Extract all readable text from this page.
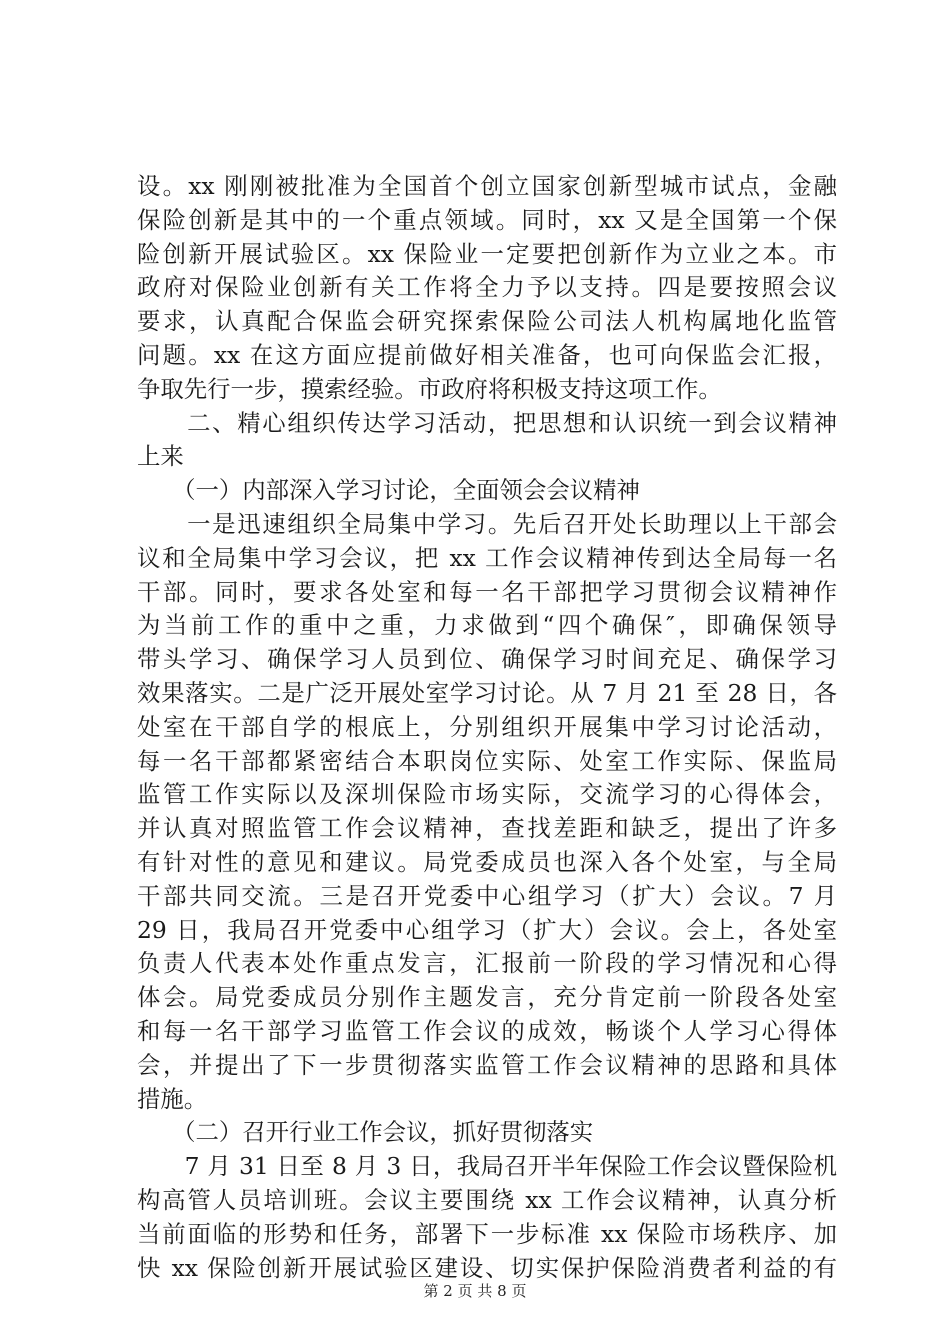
设。xx 刚刚被批准为全国首个创立国家创新型城市试点，金融
保险创新是其中的一个重点领域。同时，xx 又是全国第一个保
险创新开展试验区。xx 保险业一定要把创新作为立业之本。市
政府对保险业创新有关工作将全力予以支持。四是要按照会议
要求，认真配合保监会研究探索保险公司法人机构属地化监管
问题。xx 在这方面应提前做好相关准备，也可向保监会汇报，
争取先行一步，摸索经验。市政府将积极支持这项工作。
　　二、精心组织传达学习活动，把思想和认识统一到会议精神
上来
　　（一）内部深入学习讨论，全面领会会议精神
　　一是迅速组织全局集中学习。先后召开处长助理以上干部会
议和全局集中学习会议，把 xx 工作会议精神传到达全局每一名
干部。同时，要求各处室和每一名干部把学习贯彻会议精神作
为当前工作的重中之重，力求做到“四个确保″，即确保领导
带头学习、确保学习人员到位、确保学习时间充足、确保学习
效果落实。二是广泛开展处室学习讨论。从 7 月 21 至 28 日，各
处室在干部自学的根底上，分别组织开展集中学习讨论活动，
每一名干部都紧密结合本职岗位实际、处室工作实际、保监局
监管工作实际以及深圳保险市场实际，交流学习的心得体会，
并认真对照监管工作会议精神，查找差距和缺乏，提出了许多
有针对性的意见和建议。局党委成员也深入各个处室，与全局
干部共同交流。三是召开党委中心组学习（扩大）会议。7 月
29 日，我局召开党委中心组学习（扩大）会议。会上，各处室
负责人代表本处作重点发言，汇报前一阶段的学习情况和心得
体会。局党委成员分别作主题发言，充分肯定前一阶段各处室
和每一名干部学习监管工作会议的成效，畅谈个人学习心得体
会，并提出了下一步贯彻落实监管工作会议精神的思路和具体
措施。
　　（二）召开行业工作会议，抓好贯彻落实
　　7 月 31 日至 8 月 3 日，我局召开半年保险工作会议暨保险机
构高管人员培训班。会议主要围绕 xx 工作会议精神，认真分析
当前面临的形势和任务，部署下一步标准 xx 保险市场秩序、加
快 xx 保险创新开展试验区建设、切实保护保险消费者利益的有
第 2 页 共 8 页
